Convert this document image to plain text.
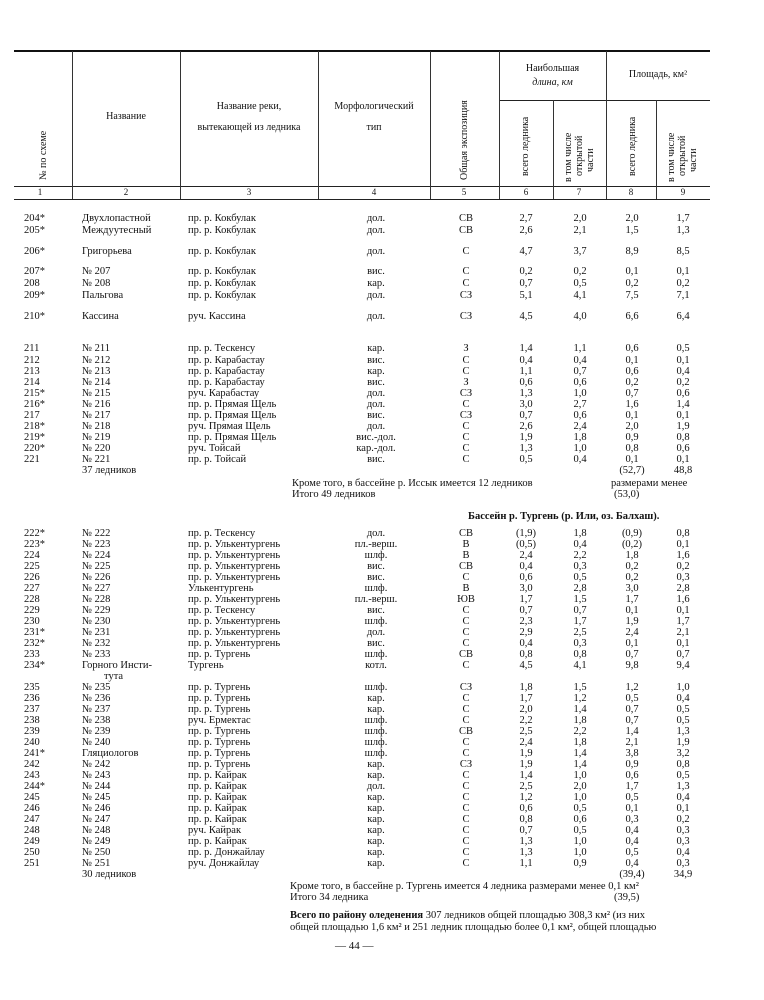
№ по схеме
Название
Название реки,
вытекающей из ледника
Морфологический
тип	Общая экспозиция
Наибольшая
длина, км
Площадь, км²
всего ледника	в том числе открытой части	всего ледника	в том числе открытой части
1	2	3	4	5	6	7	8	9
204*	Двухлопастной	пр. р. Кокбулак	дол.	СВ	2,7	2,0	2,0	1,7
205*	Междуутесный	пр. р. Кокбулак	дол.	СВ	2,6	2,1	1,5	1,3
206*	Григорьева	пр. р. Кокбулак	дол.	С	4,7	3,7	8,9	8,5
207*	№ 207	пр. р. Кокбулак	вис.	С	0,2	0,2	0,1	0,1
208	№ 208	пр. р. Кокбулак	кар.	С	0,7	0,5	0,2	0,2
209*	Пальгова	пр. р. Кокбулак	дол.	СЗ	5,1	4,1	7,5	7,1
210*	Кассина	руч. Кассина	дол.	СЗ	4,5	4,0	6,6	6,4
211	№ 211	пр. р. Тескенсу	кар.	З	1,4	1,1	0,6	0,5
212	№ 212	пр. р. Карабастау	вис.	С	0,4	0,4	0,1	0,1
213	№ 213	пр. р. Карабастау	кар.	С	1,1	0,7	0,6	0,4
214	№ 214	пр. р. Карабастау	вис.	З	0,6	0,6	0,2	0,2
215*	№ 215	руч. Карабастау	дол.	СЗ	1,3	1,0	0,7	0,6
216*	№ 216	пр. р. Прямая Щель	дол.	С	3,0	2,7	1,6	1,4
217	№ 217	пр. р. Прямая Щель	вис.	СЗ	0,7	0,6	0,1	0,1
218*	№ 218	руч. Прямая Щель	дол.	С	2,6	2,4	2,0	1,9
219*	№ 219	пр. р. Прямая Щель	вис.-дол.	С	1,9	1,8	0,9	0,8
220*	№ 220	руч. Тойсай	кар.-дол.	С	1,3	1,0	0,8	0,6
221	№ 221	пр. р. Тойсай	вис.	С	0,5	0,4	0,1	0,1
37 ледников	(52,7)	48,8
222*	№ 222	пр. р. Тескенсу	дол.	СВ	(1,9)	1,8	(0,9)	0,8
223*	№ 223	пр. р. Улькентургень	пл.-верш.	В	(0,5)	0,4	(0,2)	0,1
224	№ 224	пр. р. Улькентургень	шлф.	В	2,4	2,2	1,8	1,6
225	№ 225	пр. р. Улькентургень	вис.	СВ	0,4	0,3	0,2	0,2
226	№ 226	пр. р. Улькентургень	вис.	С	0,6	0,5	0,2	0,3
227	№ 227	Улькентургень	шлф.	В	3,0	2,8	3,0	2,8
228	№ 228	пр. р. Улькентургень	пл.-верш.	ЮВ	1,7	1,5	1,7	1,6
229	№ 229	пр. р. Тескенсу	вис.	С	0,7	0,7	0,1	0,1
230	№ 230	пр. р. Улькентургень	шлф.	С	2,3	1,7	1,9	1,7
231*	№ 231	пр. р. Улькентургень	дол.	С	2,9	2,5	2,4	2,1
232*	№ 232	пр. р. Улькентургень	вис.	С	0,4	0,3	0,1	0,1
233	№ 233	пр. р. Тургень	шлф.	СВ	0,8	0,8	0,7	0,7
234*	Горного Инсти-	Тургень	котл.	С	4,5	4,1	9,8	9,4
тута
235	№ 235	пр. р. Тургень	шлф.	СЗ	1,8	1,5	1,2	1,0
236	№ 236	пр. р. Тургень	кар.	С	1,7	1,2	0,5	0,4
237	№ 237	пр. р. Тургень	кар.	С	2,0	1,4	0,7	0,5
238	№ 238	руч. Ермектас	шлф.	С	2,2	1,8	0,7	0,5
239	№ 239	пр. р. Тургень	шлф.	СВ	2,5	2,2	1,4	1,3
240	№ 240	пр. р. Тургень	шлф.	С	2,4	1,8	2,1	1,9
241*	Гляциологов	пр. р. Тургень	шлф.	С	1,9	1,4	3,8	3,2
242	№ 242	пр. р. Тургень	кар.	СЗ	1,9	1,4	0,9	0,8
243	№ 243	пр. р. Кайрак	кар.	С	1,4	1,0	0,6	0,5
244*	№ 244	пр. р. Кайрак	дол.	С	2,5	2,0	1,7	1,3
245	№ 245	пр. р. Кайрак	кар.	С	1,2	1,0	0,5	0,4
246	№ 246	пр. р. Кайрак	кар.	С	0,6	0,5	0,1	0,1
247	№ 247	пр. р. Кайрак	кар.	С	0,8	0,6	0,3	0,2
248	№ 248	руч. Кайрак	кар.	С	0,7	0,5	0,4	0,3
249	№ 249	пр. р. Кайрак	кар.	С	1,3	1,0	0,4	0,3
250	№ 250	пр. р. Донжайлау	кар.	С	1,3	1,0	0,5	0,4
251	№ 251	руч. Донжайлау	кар.	С	1,1	0,9	0,4	0,3
30 ледников	(39,4)	34,9
Кроме того, в бассейне р. Иссык имеется 12 ледников	размерами менее
Итого 49 ледников	(53,0)
Бассейн р. Тургень (р. Или, оз. Балхаш).
Кроме того, в бассейне р. Тургень имеется 4 ледника размерами менее 0,1 км²
Итого 34 ледника	(39,5)
Всего по району оледенения 307 ледников общей площадью 308,3 км² (из них
общей площадью 1,6 км² и 251 ледник площадью более 0,1 км², общей площадью
— 44 —
